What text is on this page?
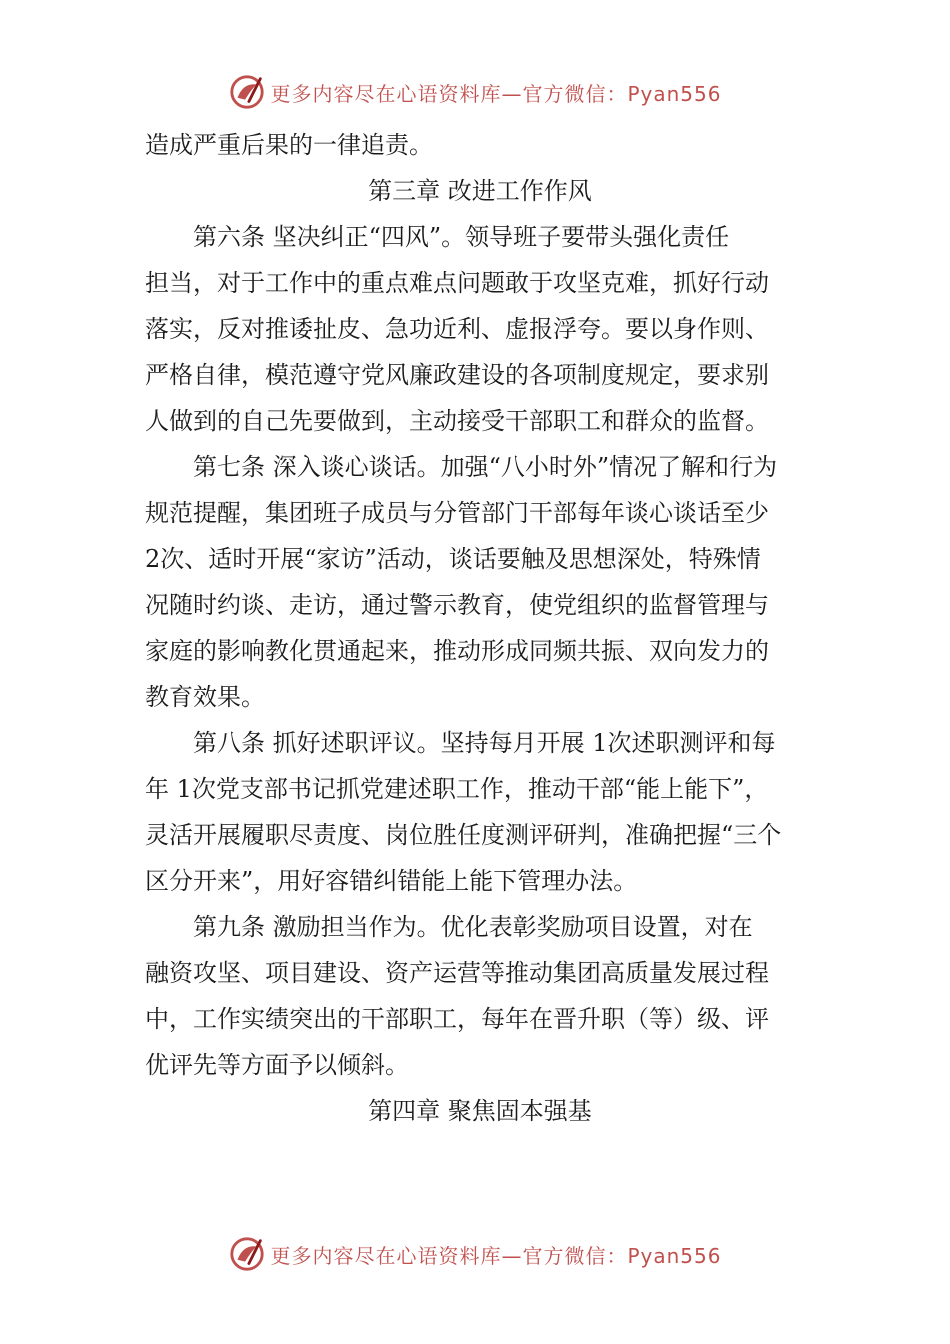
更多内容尽在心语资料库—官方微信：Pyan556
造成严重后果的一律追责。
第三章 改进工作作风
第六条 坚决纠正“四风”。领导班子要带头强化责任
担当，对于工作中的重点难点问题敢于攻坚克难，抓好行动
落实，反对推诿扯皮、急功近利、虚报浮夸。要以身作则、
严格自律，模范遵守党风廉政建设的各项制度规定，要求别
人做到的自己先要做到，主动接受干部职工和群众的监督。
第七条 深入谈心谈话。加强“八小时外”情况了解和行为
规范提醒，集团班子成员与分管部门干部每年谈心谈话至少
2次、适时开展“家访”活动，谈话要触及思想深处，特殊情
况随时约谈、走访，通过警示教育，使党组织的监督管理与
家庭的影响教化贯通起来，推动形成同频共振、双向发力的
教育效果。
第八条 抓好述职评议。坚持每月开展 1次述职测评和每
年 1次党支部书记抓党建述职工作，推动干部“能上能下”，
灵活开展履职尽责度、岗位胜任度测评研判，准确把握“三个
区分开来”，用好容错纠错能上能下管理办法。
第九条 激励担当作为。优化表彰奖励项目设置，对在
融资攻坚、项目建设、资产运营等推动集团高质量发展过程
中，工作实绩突出的干部职工，每年在晋升职（等）级、评
优评先等方面予以倾斜。
第四章 聚焦固本强基
更多内容尽在心语资料库—官方微信：Pyan556
